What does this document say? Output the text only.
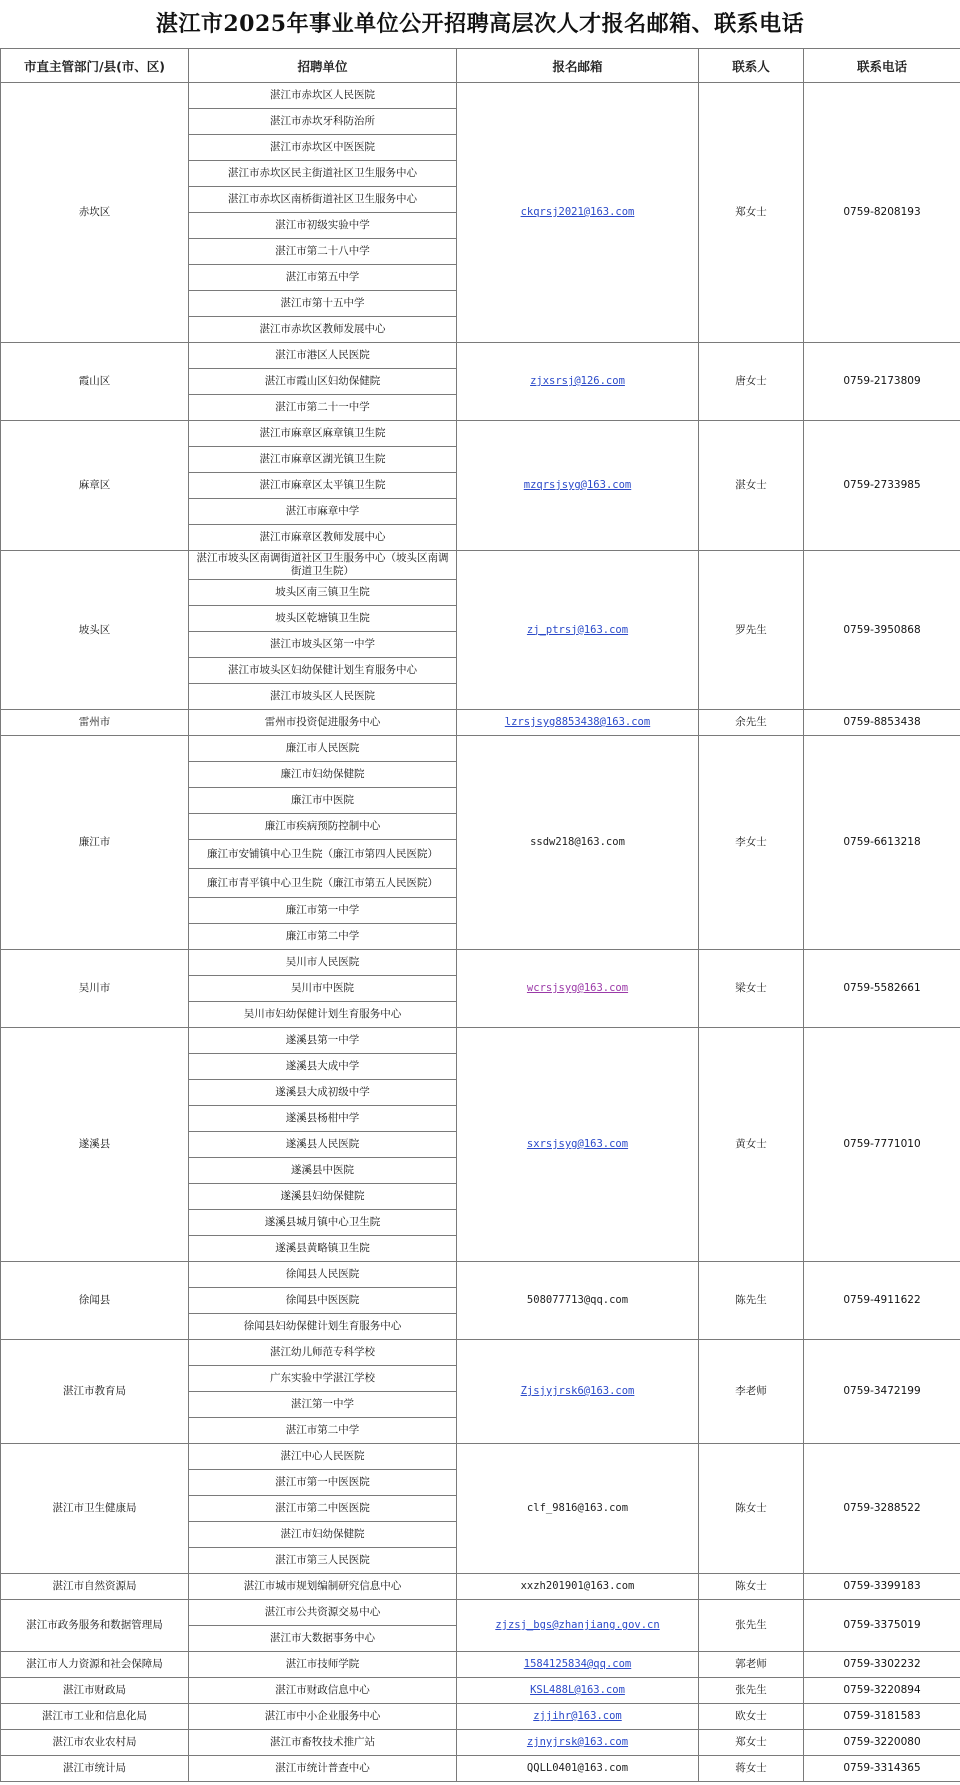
湛江市2025年事业单位公开招聘高层次人才报名邮箱、联系电话
市直主管部门/县(市、区)	招聘单位	报名邮箱	联系人	联系电话
赤坎区	湛江市赤坎区人民医院	ckqrsj2021@163.com	郑女士	0759-8208193
	湛江市赤坎牙科防治所			
	湛江市赤坎区中医医院			
	湛江市赤坎区民主街道社区卫生服务中心			
	湛江市赤坎区南桥街道社区卫生服务中心			
	湛江市初级实验中学			
	湛江市第二十八中学			
	湛江市第五中学			
	湛江市第十五中学			
	湛江市赤坎区教师发展中心			
霞山区	湛江市港区人民医院	zjxsrsj@126.com	唐女士	0759-2173809
	湛江市霞山区妇幼保健院			
	湛江市第二十一中学			
麻章区	湛江市麻章区麻章镇卫生院	mzqrsjsyg@163.com	湛女士	0759-2733985
	湛江市麻章区湖光镇卫生院			
	湛江市麻章区太平镇卫生院			
	湛江市麻章中学			
	湛江市麻章区教师发展中心			
坡头区	湛江市坡头区南调街道社区卫生服务中心（坡头区南调街道卫生院）	zj_ptrsj@163.com	罗先生	0759-3950868
	坡头区南三镇卫生院			
	坡头区乾塘镇卫生院			
	湛江市坡头区第一中学			
	湛江市坡头区妇幼保健计划生育服务中心			
	湛江市坡头区人民医院			
雷州市	雷州市投资促进服务中心	lzrsjsyg8853438@163.com	余先生	0759-8853438
廉江市	廉江市人民医院	ssdw218@163.com	李女士	0759-6613218
	廉江市妇幼保健院			
	廉江市中医院			
	廉江市疾病预防控制中心			
	廉江市安铺镇中心卫生院（廉江市第四人民医院）			
	廉江市青平镇中心卫生院（廉江市第五人民医院）			
	廉江市第一中学			
	廉江市第二中学			
吴川市	吴川市人民医院	wcrsjsyg@163.com	梁女士	0759-5582661
	吴川市中医院			
	吴川市妇幼保健计划生育服务中心			
遂溪县	遂溪县第一中学	sxrsjsyg@163.com	黄女士	0759-7771010
	遂溪县大成中学			
	遂溪县大成初级中学			
	遂溪县杨柑中学			
	遂溪县人民医院			
	遂溪县中医院			
	遂溪县妇幼保健院			
	遂溪县城月镇中心卫生院			
	遂溪县黄略镇卫生院			
徐闻县	徐闻县人民医院	508077713@qq.com	陈先生	0759-4911622
	徐闻县中医医院			
	徐闻县妇幼保健计划生育服务中心			
湛江市教育局	湛江幼儿师范专科学校	Zjsjyjrsk6@163.com	李老师	0759-3472199
	广东实验中学湛江学校			
	湛江第一中学			
	湛江市第二中学			
湛江市卫生健康局	湛江中心人民医院	clf_9816@163.com	陈女士	0759-3288522
	湛江市第一中医医院			
	湛江市第二中医医院			
	湛江市妇幼保健院			
	湛江市第三人民医院			
湛江市自然资源局	湛江市城市规划编制研究信息中心	xxzh201901@163.com	陈女士	0759-3399183
湛江市政务服务和数据管理局	湛江市公共资源交易中心	zjzsj_bgs@zhanjiang.gov.cn	张先生	0759-3375019
	湛江市大数据事务中心			
湛江市人力资源和社会保障局	湛江市技师学院	1584125834@qq.com	郭老师	0759-3302232
湛江市财政局	湛江市财政信息中心	KSL488L@163.com	张先生	0759-3220894
湛江市工业和信息化局	湛江市中小企业服务中心	zjjihr@163.com	欧女士	0759-3181583
湛江市农业农村局	湛江市畜牧技术推广站	zjnyjrsk@163.com	郑女士	0759-3220080
湛江市统计局	湛江市统计普查中心	QQLL0401@163.com	蒋女士	0759-3314365
